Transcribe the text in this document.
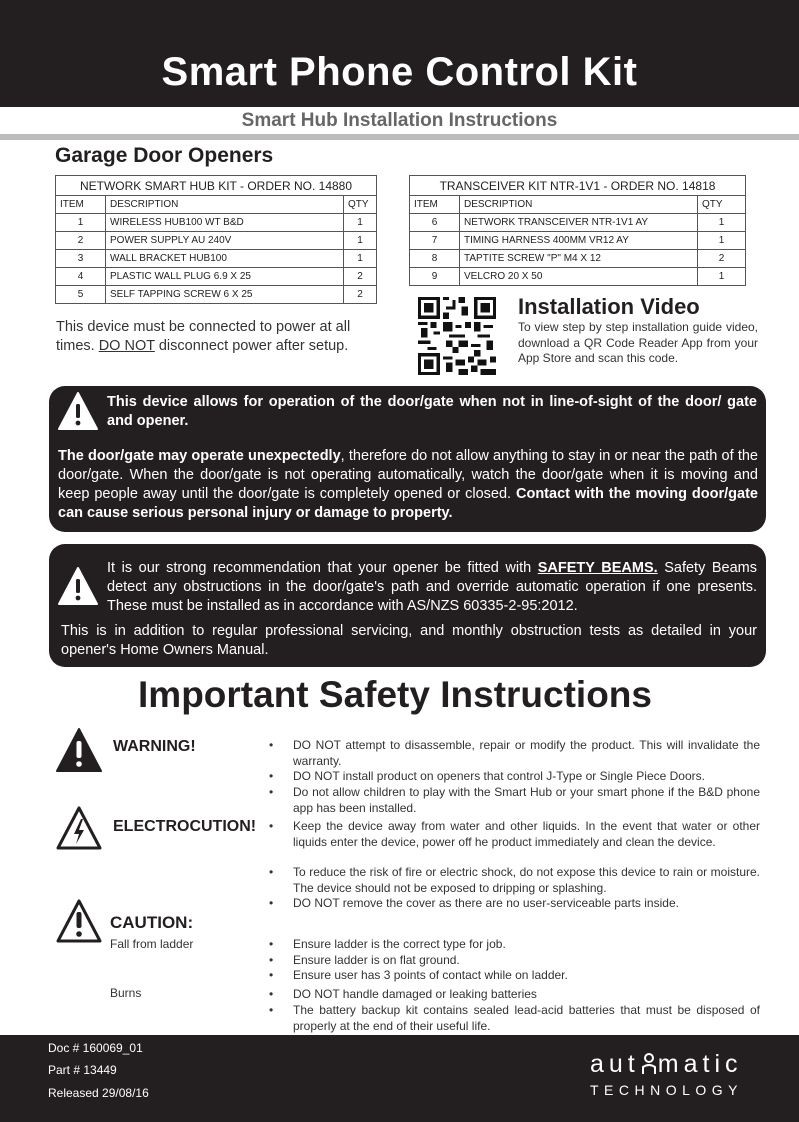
Smart Phone Control Kit
Smart Hub Installation Instructions
Garage Door Openers
NETWORK SMART HUB KIT - ORDER NO. 14880		
ITEM	DESCRIPTION	QTY
1	WIRELESS HUB100 WT B&D	1
2	POWER SUPPLY AU 240V	1
3	WALL BRACKET HUB100	1
4	PLASTIC WALL PLUG 6.9 X 25	2
5	SELF TAPPING SCREW 6 X 25	2
TRANSCEIVER KIT NTR-1V1 - ORDER NO. 14818		
ITEM	DESCRIPTION	QTY
6	NETWORK TRANSCEIVER NTR-1V1 AY	1
7	TIMING HARNESS 400MM VR12 AY	1
8	TAPTITE SCREW "P" M4 X 12	2
9	VELCRO 20 X 50	1
This device must be connected to power at all times. DO NOT disconnect power after setup.
Installation Video
To view step by step installation guide video, download a QR Code Reader App from your App Store and scan this code.
This device allows for operation of the door/gate when not in line-of-sight of the door/ gate and opener.
The door/gate may operate unexpectedly, therefore do not allow anything to stay in or near the path of the door/gate. When the door/gate is not operating automatically, watch the door/gate when it is moving and keep people away until the door/gate is completely opened or closed. Contact with the moving door/gate can cause serious personal injury or damage to property.
It is our strong recommendation that your opener be fitted with SAFETY BEAMS. Safety Beams detect any obstructions in the door/gate's path and override automatic operation if one presents. These must be installed as in accordance with AS/NZS 60335-2-95:2012.
This is in addition to regular professional servicing, and monthly obstruction tests as detailed in your opener's Home Owners Manual.
Important Safety Instructions
WARNING!
ELECTROCUTION!
CAUTION:
Fall from ladder
Burns
• DO NOT attempt to disassemble, repair or modify the product. This will invalidate the warranty.
• DO NOT install product on openers that control J-Type or Single Piece Doors.
• Do not allow children to play with the Smart Hub or your smart phone if the B&D phone app has been installed.
• Keep the device away from water and other liquids. In the event that water or other liquids enter the device, power off he product immediately and clean the device.
• To reduce the risk of fire or electric shock, do not expose this device to rain or moisture. The device should not be exposed to dripping or splashing.
• DO NOT remove the cover as there are no user-serviceable parts inside.
• Ensure ladder is the correct type for job.
• Ensure ladder is on flat ground.
• Ensure user has 3 points of contact while on ladder.
• DO NOT handle damaged or leaking batteries
• The battery backup kit contains sealed lead-acid batteries that must be disposed of properly at the end of their useful life.
Doc # 160069_01
Part # 13449
Released 29/08/16
aut matic
TECHNOLOGY
